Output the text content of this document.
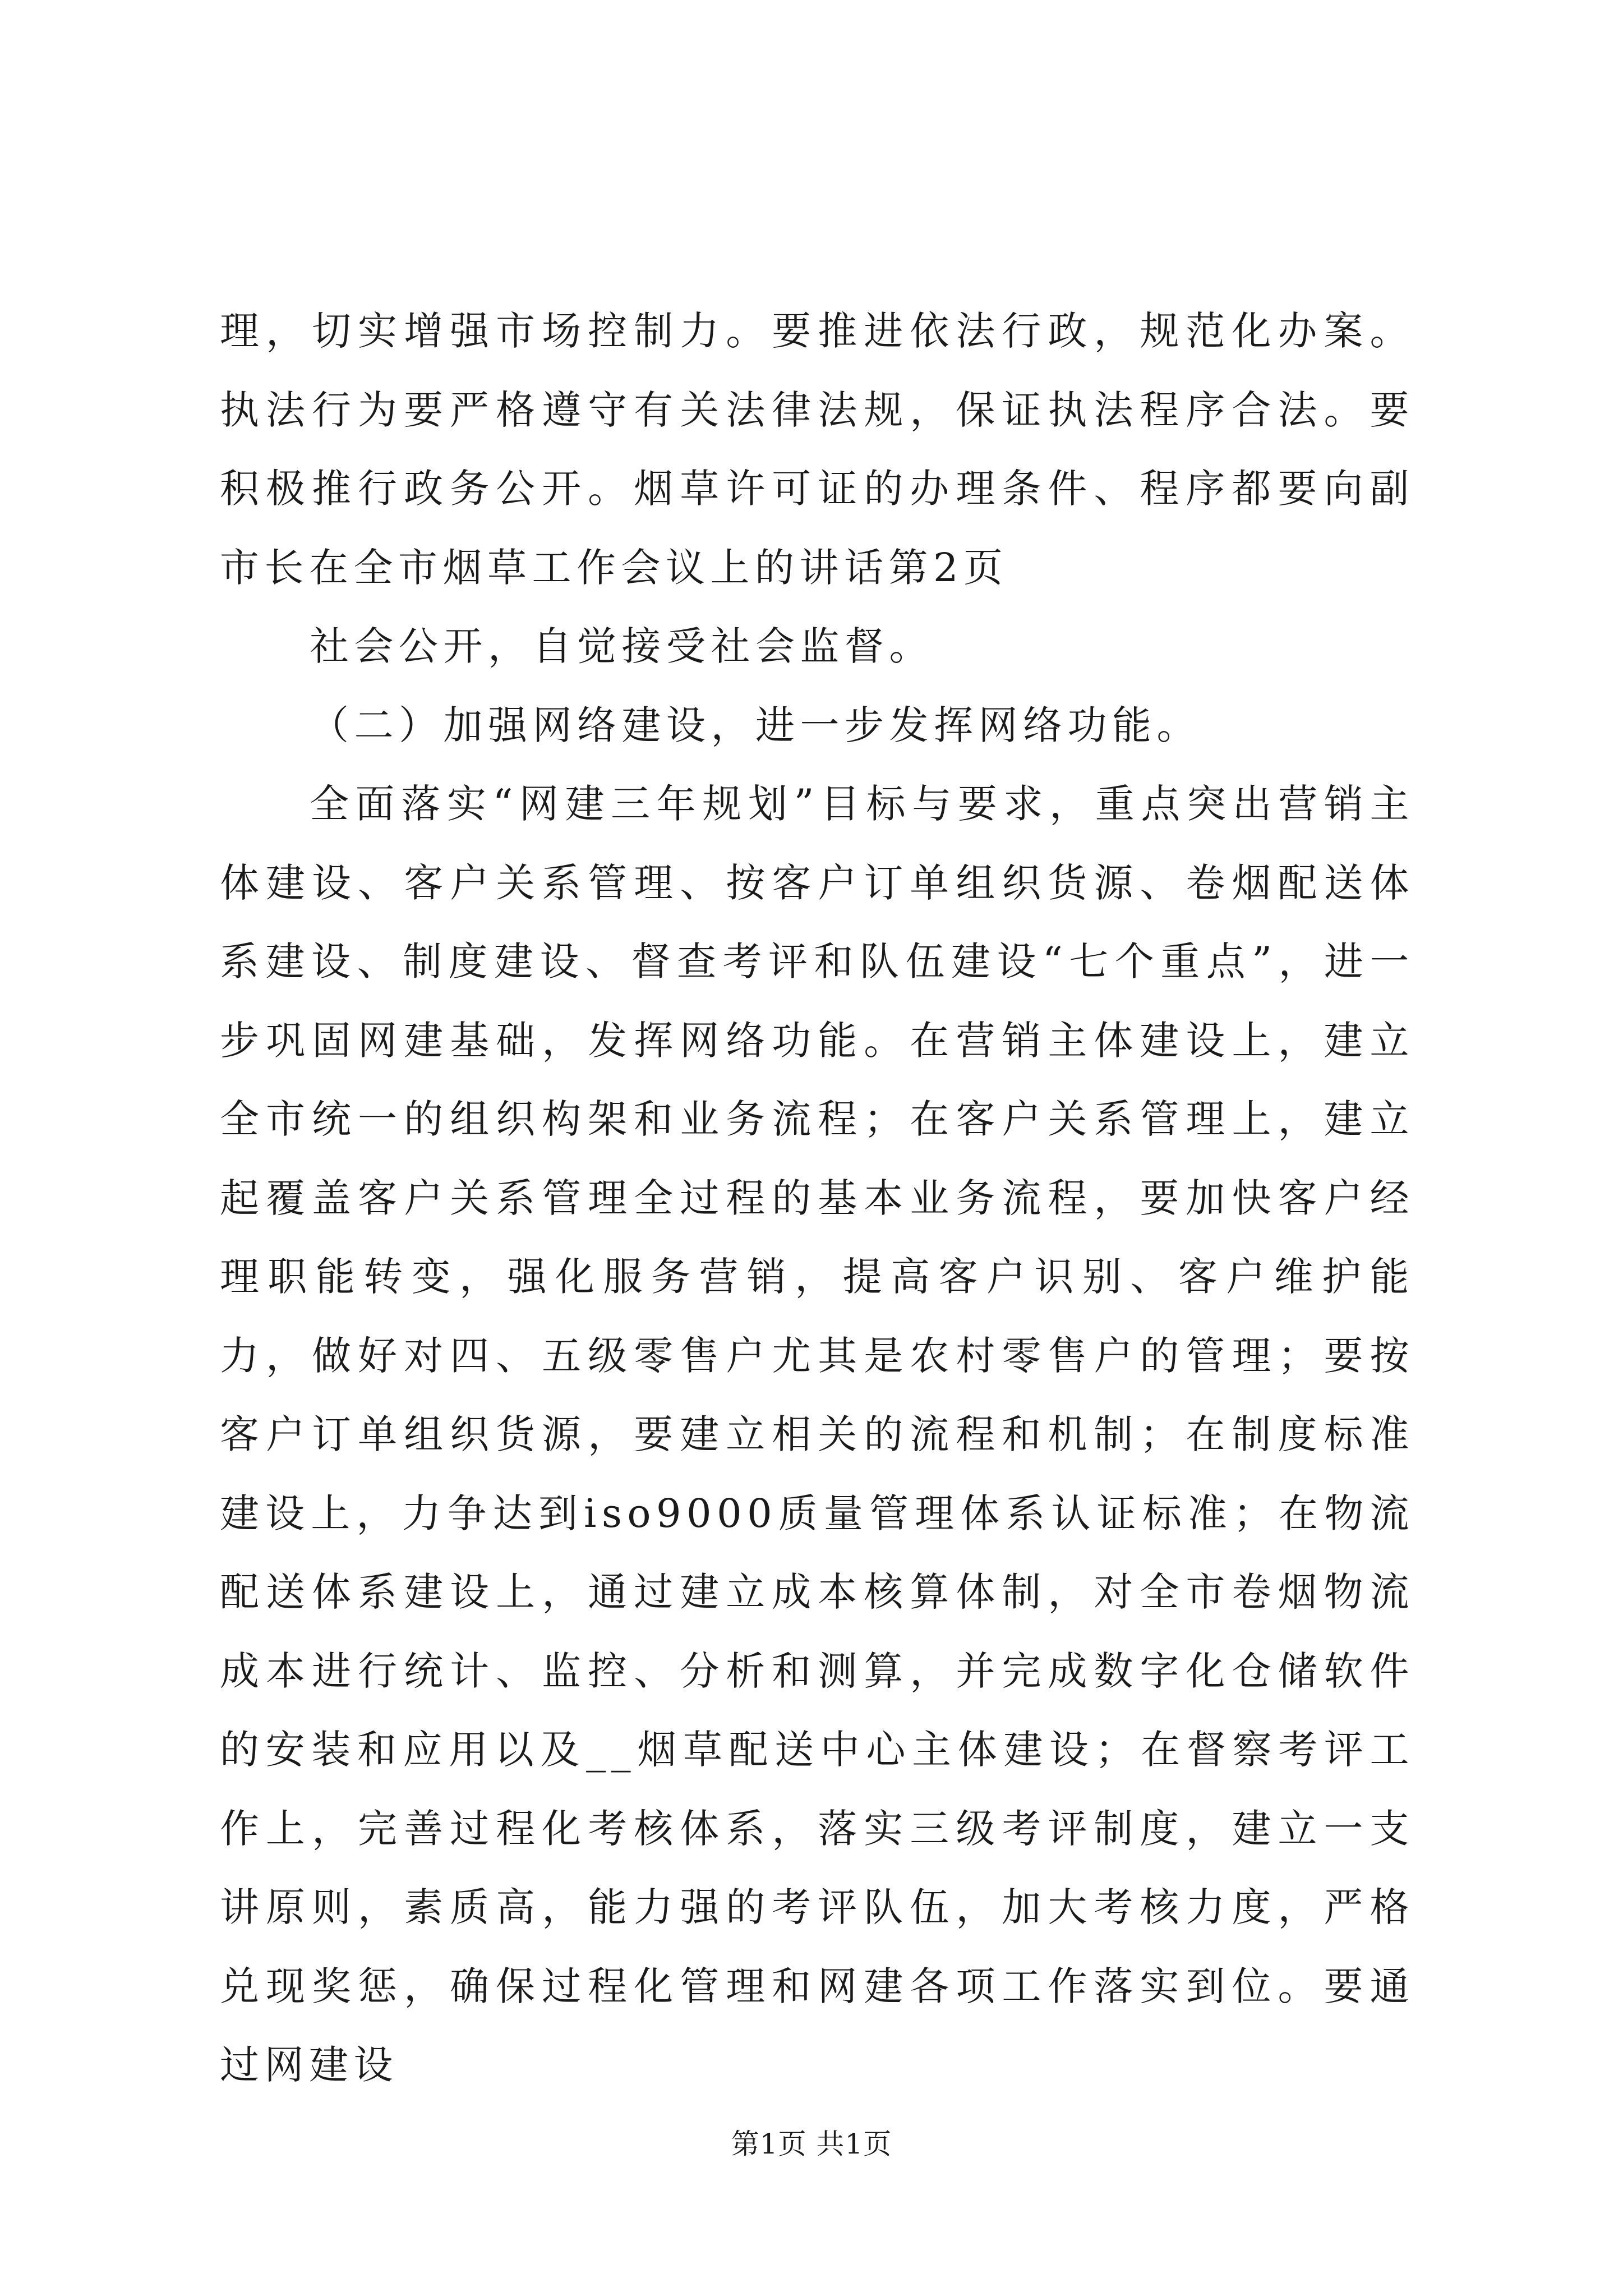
理，切实增强市场控制力。要推进依法行政，规范化办案。执法行为要严格遵守有关法律法规，保证执法程序合法。要积极推行政务公开。烟草许可证的办理条件、程序都要向副市长在全市烟草工作会议上的讲话第2页

社会公开，自觉接受社会监督。

（二）加强网络建设，进一步发挥网络功能。

全面落实“网建三年规划”目标与要求，重点突出营销主体建设、客户关系管理、按客户订单组织货源、卷烟配送体系建设、制度建设、督查考评和队伍建设“七个重点”，进一步巩固网建基础，发挥网络功能。在营销主体建设上，建立全市统一的组织构架和业务流程；在客户关系管理上，建立起覆盖客户关系管理全过程的基本业务流程，要加快客户经理职能转变，强化服务营销，提高客户识别、客户维护能力，做好对四、五级零售户尤其是农村零售户的管理；要按客户订单组织货源，要建立相关的流程和机制；在制度标准建设上，力争达到iso9000质量管理体系认证标准；在物流配送体系建设上，通过建立成本核算体制，对全市卷烟物流成本进行统计、监控、分析和测算，并完成数字化仓储软件的安装和应用以及__烟草配送中心主体建设；在督察考评工作上，完善过程化考核体系，落实三级考评制度，建立一支讲原则，素质高，能力强的考评队伍，加大考核力度，严格兑现奖惩，确保过程化管理和网建各项工作落实到位。要通过网建设

第1页 共1页
